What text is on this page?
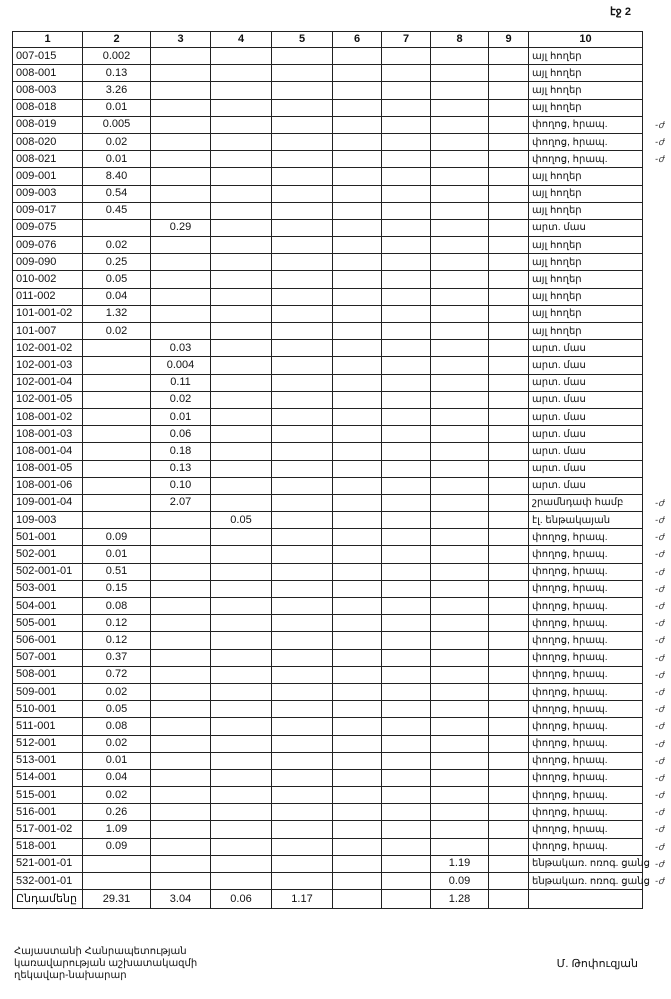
էջ 2
1	2	3	4	5	6	7	8	9	10
007-015	0.002								այլ հողեր

008-001	0.13								այլ հողեր

008-003	3.26								այլ հողեր

008-018	0.01								այլ հողեր

008-019	0.005								փողոց, հրապ. -ժ

008-020	0.02								փողոց, հրապ. -ժ

008-021	0.01								փողոց, հրապ. -ժ

009-001	8.40								այլ հողեր

009-003	0.54								այլ հողեր

009-017	0.45								այլ հողեր

009-075		0.29							արտ. մաս

009-076	0.02								այլ հողեր

009-090	0.25								այլ հողեր

010-002	0.05								այլ հողեր

011-002	0.04								այլ հողեր

101-001-02	1.32								այլ հողեր

101-007	0.02								այլ հողեր

102-001-02		0.03							արտ. մաս

102-001-03		0.004							արտ. մաս

102-001-04		0.11							արտ. մաս

102-001-05		0.02							արտ. մաս

108-001-02		0.01							արտ. մաս

108-001-03		0.06							արտ. մաս

108-001-04		0.18							արտ. մաս

108-001-05		0.13							արտ. մաս

108-001-06		0.10							արտ. մաս

109-001-04		2.07							շրամնդափ համբ -ժ

109-003			0.05						էլ. ենթակայան -ժ

501-001	0.09								փողոց, հրապ. -ժ

502-001	0.01								փողոց, հրապ. -ժ

502-001-01	0.51								փողոց, հրապ. -ժ

503-001	0.15								փողոց, հրապ. -ժ

504-001	0.08								փողոց, հրապ. -ժ

505-001	0.12								փողոց, հրապ. -ժ

506-001	0.12								փողոց, հրապ. -ժ

507-001	0.37								փողոց, հրապ. -ժ

508-001	0.72								փողոց, հրապ. -ժ

509-001	0.02								փողոց, հրապ. -ժ

510-001	0.05								փողոց, հրապ. -ժ

511-001	0.08								փողոց, հրապ. -ժ

512-001	0.02								փողոց, հրապ. -ժ

513-001	0.01								փողոց, հրապ. -ժ

514-001	0.04								փողոց, հրապ. -ժ

515-001	0.02								փողոց, հրապ. -ժ

516-001	0.26								փողոց, հրապ. -ժ

517-001-02	1.09								փողոց, հրապ. -ժ

518-001	0.09								փողոց, հրապ. -ժ

521-001-01							1.19		ենթակառ. ոռոգ. ցանց -ժ

532-001-01							0.09		ենթակառ. ոռոգ. ցանց -ժ

Ընդամենը	29.31	3.04	0.06	1.17			1.28		
Հայաստանի Հանրապետության
կառավարության աշխատակազմի
ղեկավար-նախարար
Մ. Թոփուզյան
